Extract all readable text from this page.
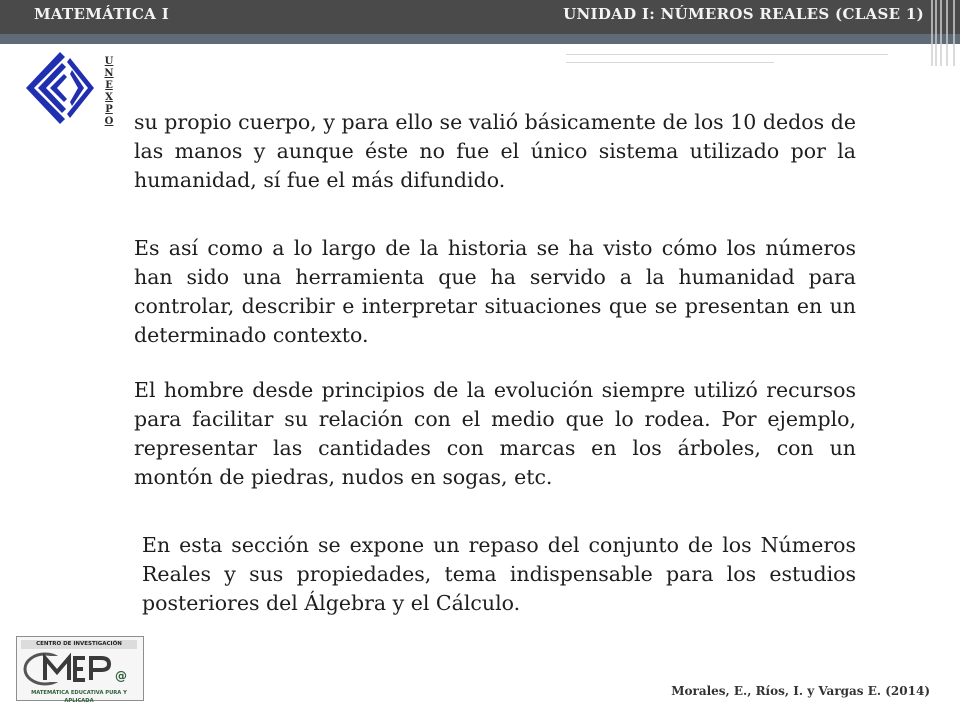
MATEMÁTICA I	UNIDAD I: NÚMEROS REALES (CLASE 1)
UNEXPO su propio cuerpo, y para ello se valió básicamente de los 10 dedos de las manos y aunque éste no fue el único sistema utilizado por la humanidad, sí fue el más difundido.
Es así como a lo largo de la historia se ha visto cómo los números han sido una herramienta que ha servido a la humanidad para controlar, describir e interpretar situaciones que se presentan en un determinado contexto.
El hombre desde principios de la evolución siempre utilizó recursos para facilitar su relación con el medio que lo rodea. Por ejemplo, representar las cantidades con marcas en los árboles, con un montón de piedras, nudos en sogas, etc.
En esta sección se expone un repaso del conjunto de los Números Reales y sus propiedades, tema indispensable para los estudios posteriores del Álgebra y el Cálculo.
CENTRO DE INVESTIGACIÓN
@
MATEMÁTICA EDUCATIVA PURA Y APLICADA
Morales, E., Ríos, I. y Vargas E. (2014)
